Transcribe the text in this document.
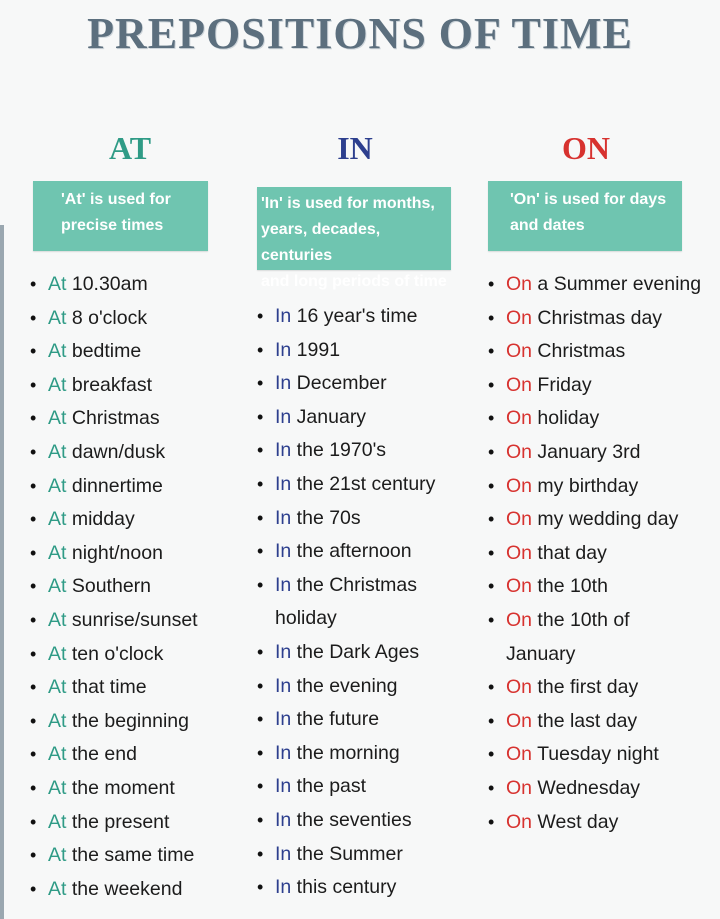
PREPOSITIONS OF TIME
AT	IN	ON
'At' is used for
precise times
'In' is used for months,
years, decades, centuries
and long periods of time
'On' is used for days
and dates
• At 10.30am
• At 8 o'clock
• At bedtime
• At breakfast
• At Christmas
• At dawn/dusk
• At dinnertime
• At midday
• At night/noon
• At Southern
• At sunrise/sunset
• At ten o'clock
• At that time
• At the beginning
• At the end
• At the moment
• At the present
• At the same time
• At the weekend
• In 16 year's time
• In 1991
• In December
• In January
• In the 1970's
• In the 21st century
• In the 70s
• In the afternoon
• In the Christmas
holiday
• In the Dark Ages
• In the evening
• In the future
• In the morning
• In the past
• In the seventies
• In the Summer
• In this century
• On a Summer evening
• On Christmas day
• On Christmas
• On Friday
• On holiday
• On January 3rd
• On my birthday
• On my wedding day
• On that day
• On the 10th
• On the 10th of
January
• On the first day
• On the last day
• On Tuesday night
• On Wednesday
• On West day
